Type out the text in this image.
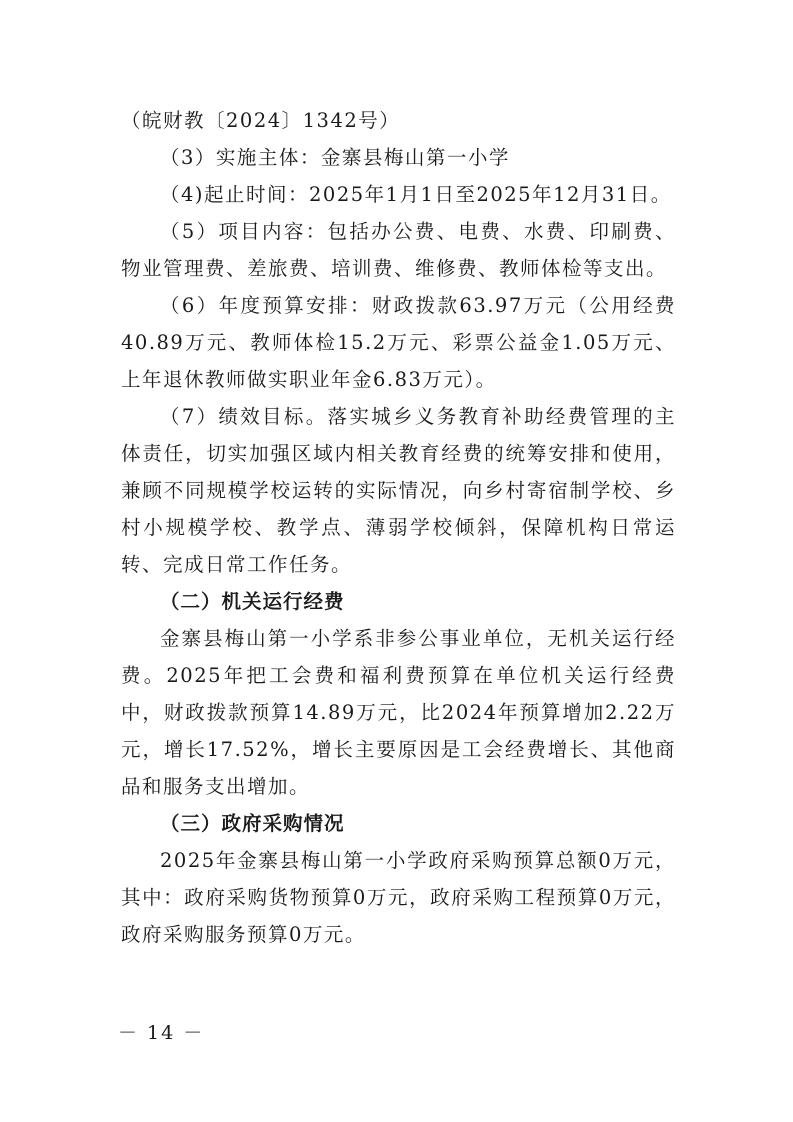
（皖财教〔2024〕1342号）

（3）实施主体：金寨县梅山第一小学

（4)起止时间：2025年1月1日至2025年12月31日。

（5）项目内容：包括办公费、电费、水费、印刷费、物业管理费、差旅费、培训费、维修费、教师体检等支出。

（6）年度预算安排：财政拨款63.97万元（公用经费40.89万元、教师体检15.2万元、彩票公益金1.05万元、上年退休教师做实职业年金6.83万元）。

（7）绩效目标。落实城乡义务教育补助经费管理的主体责任，切实加强区域内相关教育经费的统筹安排和使用，兼顾不同规模学校运转的实际情况，向乡村寄宿制学校、乡村小规模学校、教学点、薄弱学校倾斜，保障机构日常运转、完成日常工作任务。

（二）机关运行经费

金寨县梅山第一小学系非参公事业单位，无机关运行经费。2025年把工会费和福利费预算在单位机关运行经费中，财政拨款预算14.89万元，比2024年预算增加2.22万元，增长17.52%，增长主要原因是工会经费增长、其他商品和服务支出增加。

（三）政府采购情况

2025年金寨县梅山第一小学政府采购预算总额0万元，其中：政府采购货物预算0万元，政府采购工程预算0万元，政府采购服务预算0万元。

－ 14 －
